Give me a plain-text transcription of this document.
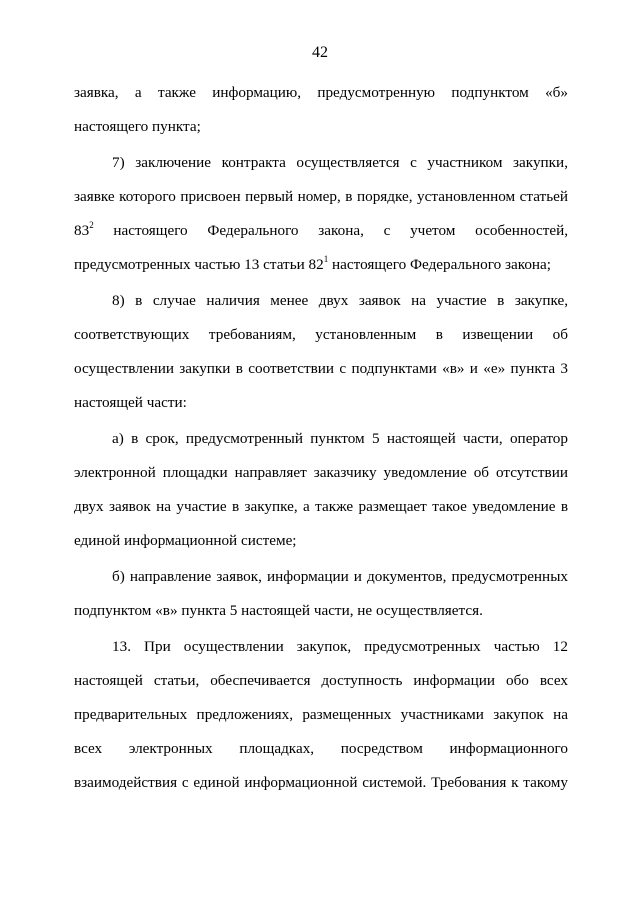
42
заявка, а также информацию, предусмотренную подпунктом «б»
настоящего пункта;
7) заключение контракта осуществляется с участником закупки,
заявке которого присвоен первый номер, в порядке, установленном статьей
$83^2$ настоящего Федерального закона, с учетом особенностей,
предусмотренных частью 13 статьи $82^1$ настоящего Федерального закона;
8) в случае наличия менее двух заявок на участие в закупке,
соответствующих требованиям, установленным в извещении об
осуществлении закупки в соответствии с подпунктами «в» и «е» пункта 3
настоящей части:
а) в срок, предусмотренный пунктом 5 настоящей части, оператор
электронной площадки направляет заказчику уведомление об отсутствии
двух заявок на участие в закупке, а также размещает такое уведомление в
единой информационной системе;
б) направление заявок, информации и документов, предусмотренных
подпунктом «в» пункта 5 настоящей части, не осуществляется.
13. При осуществлении закупок, предусмотренных частью 12
настоящей статьи, обеспечивается доступность информации обо всех
предварительных предложениях, размещенных участниками закупок на
всех электронных площадках, посредством информационного
взаимодействия с единой информационной системой. Требования к такому
